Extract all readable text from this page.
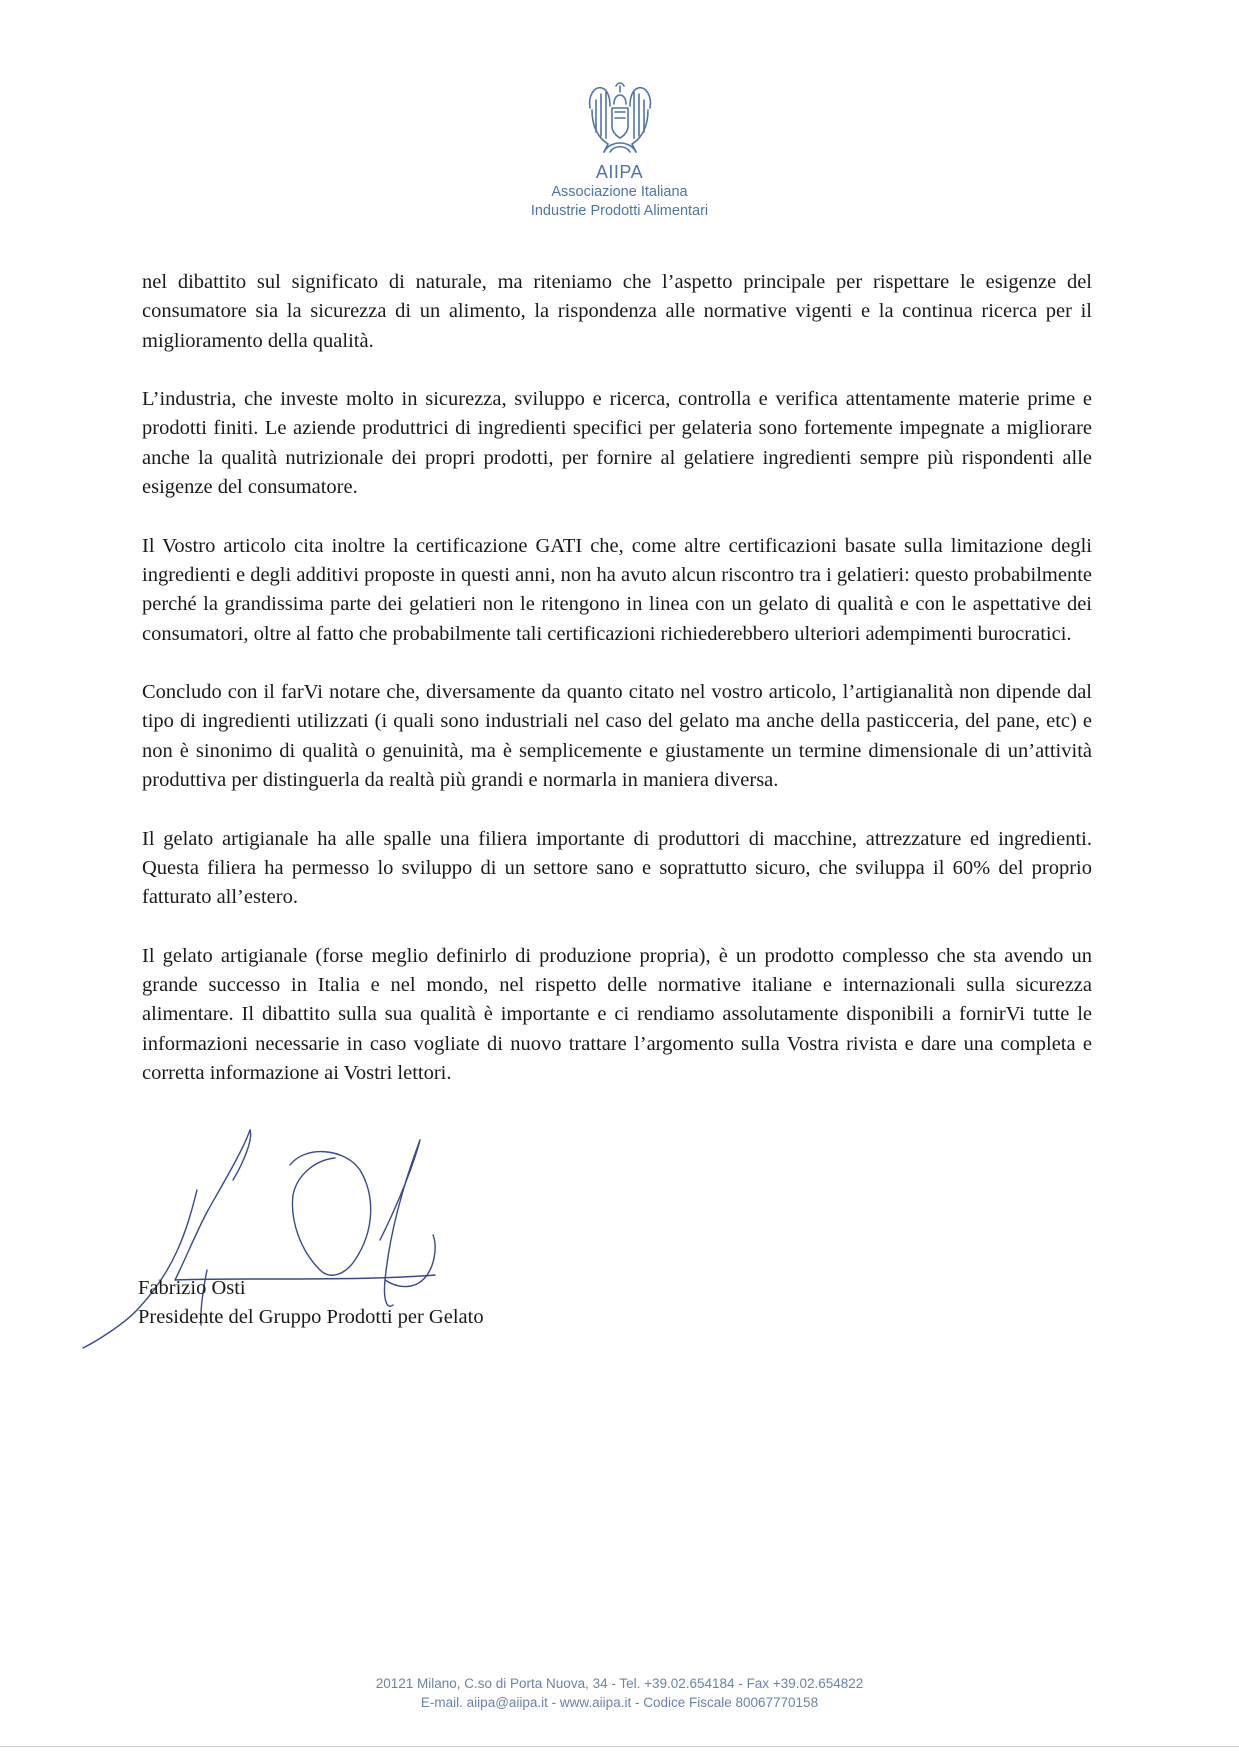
AIIPA
Associazione Italiana
Industrie Prodotti Alimentari

nel dibattito sul significato di naturale, ma riteniamo che l’aspetto principale per rispettare le esigenze del consumatore sia la sicurezza di un alimento, la rispondenza alle normative vigenti e la continua ricerca per il miglioramento della qualità.

L’industria, che investe molto in sicurezza, sviluppo e ricerca, controlla e verifica attentamente materie prime e prodotti finiti. Le aziende produttrici di ingredienti specifici per gelateria sono fortemente impegnate a migliorare anche la qualità nutrizionale dei propri prodotti, per fornire al gelatiere ingredienti sempre più rispondenti alle esigenze del consumatore.

Il Vostro articolo cita inoltre la certificazione GATI che, come altre certificazioni basate sulla limitazione degli ingredienti e degli additivi proposte in questi anni, non ha avuto alcun riscontro tra i gelatieri: questo probabilmente perché la grandissima parte dei gelatieri non le ritengono in linea con un gelato di qualità e con le aspettative dei consumatori, oltre al fatto che probabilmente tali certificazioni richiederebbero ulteriori adempimenti burocratici.

Concludo con il farVi notare che, diversamente da quanto citato nel vostro articolo, l’artigianalità non dipende dal tipo di ingredienti utilizzati (i quali sono industriali nel caso del gelato ma anche della pasticceria, del pane, etc) e non è sinonimo di qualità o genuinità, ma è semplicemente e giustamente un termine dimensionale di un’attività produttiva per distinguerla da realtà più grandi e normarla in maniera diversa.

Il gelato artigianale ha alle spalle una filiera importante di produttori di macchine, attrezzature ed ingredienti. Questa filiera ha permesso lo sviluppo di un settore sano e soprattutto sicuro, che sviluppa il 60% del proprio fatturato all’estero.

Il gelato artigianale (forse meglio definirlo di produzione propria), è un prodotto complesso che sta avendo un grande successo in Italia e nel mondo, nel rispetto delle normative italiane e internazionali sulla sicurezza alimentare. Il dibattito sulla sua qualità è importante e ci rendiamo assolutamente disponibili a fornirVi tutte le informazioni necessarie in caso vogliate di nuovo trattare l’argomento sulla Vostra rivista e dare una completa e corretta informazione ai Vostri lettori.

Fabrizio Osti
Presidente del Gruppo Prodotti per Gelato
20121 Milano, C.so di Porta Nuova, 34 - Tel. +39.02.654184 - Fax +39.02.654822
E-mail. aiipa@aiipa.it - www.aiipa.it - Codice Fiscale 80067770158
